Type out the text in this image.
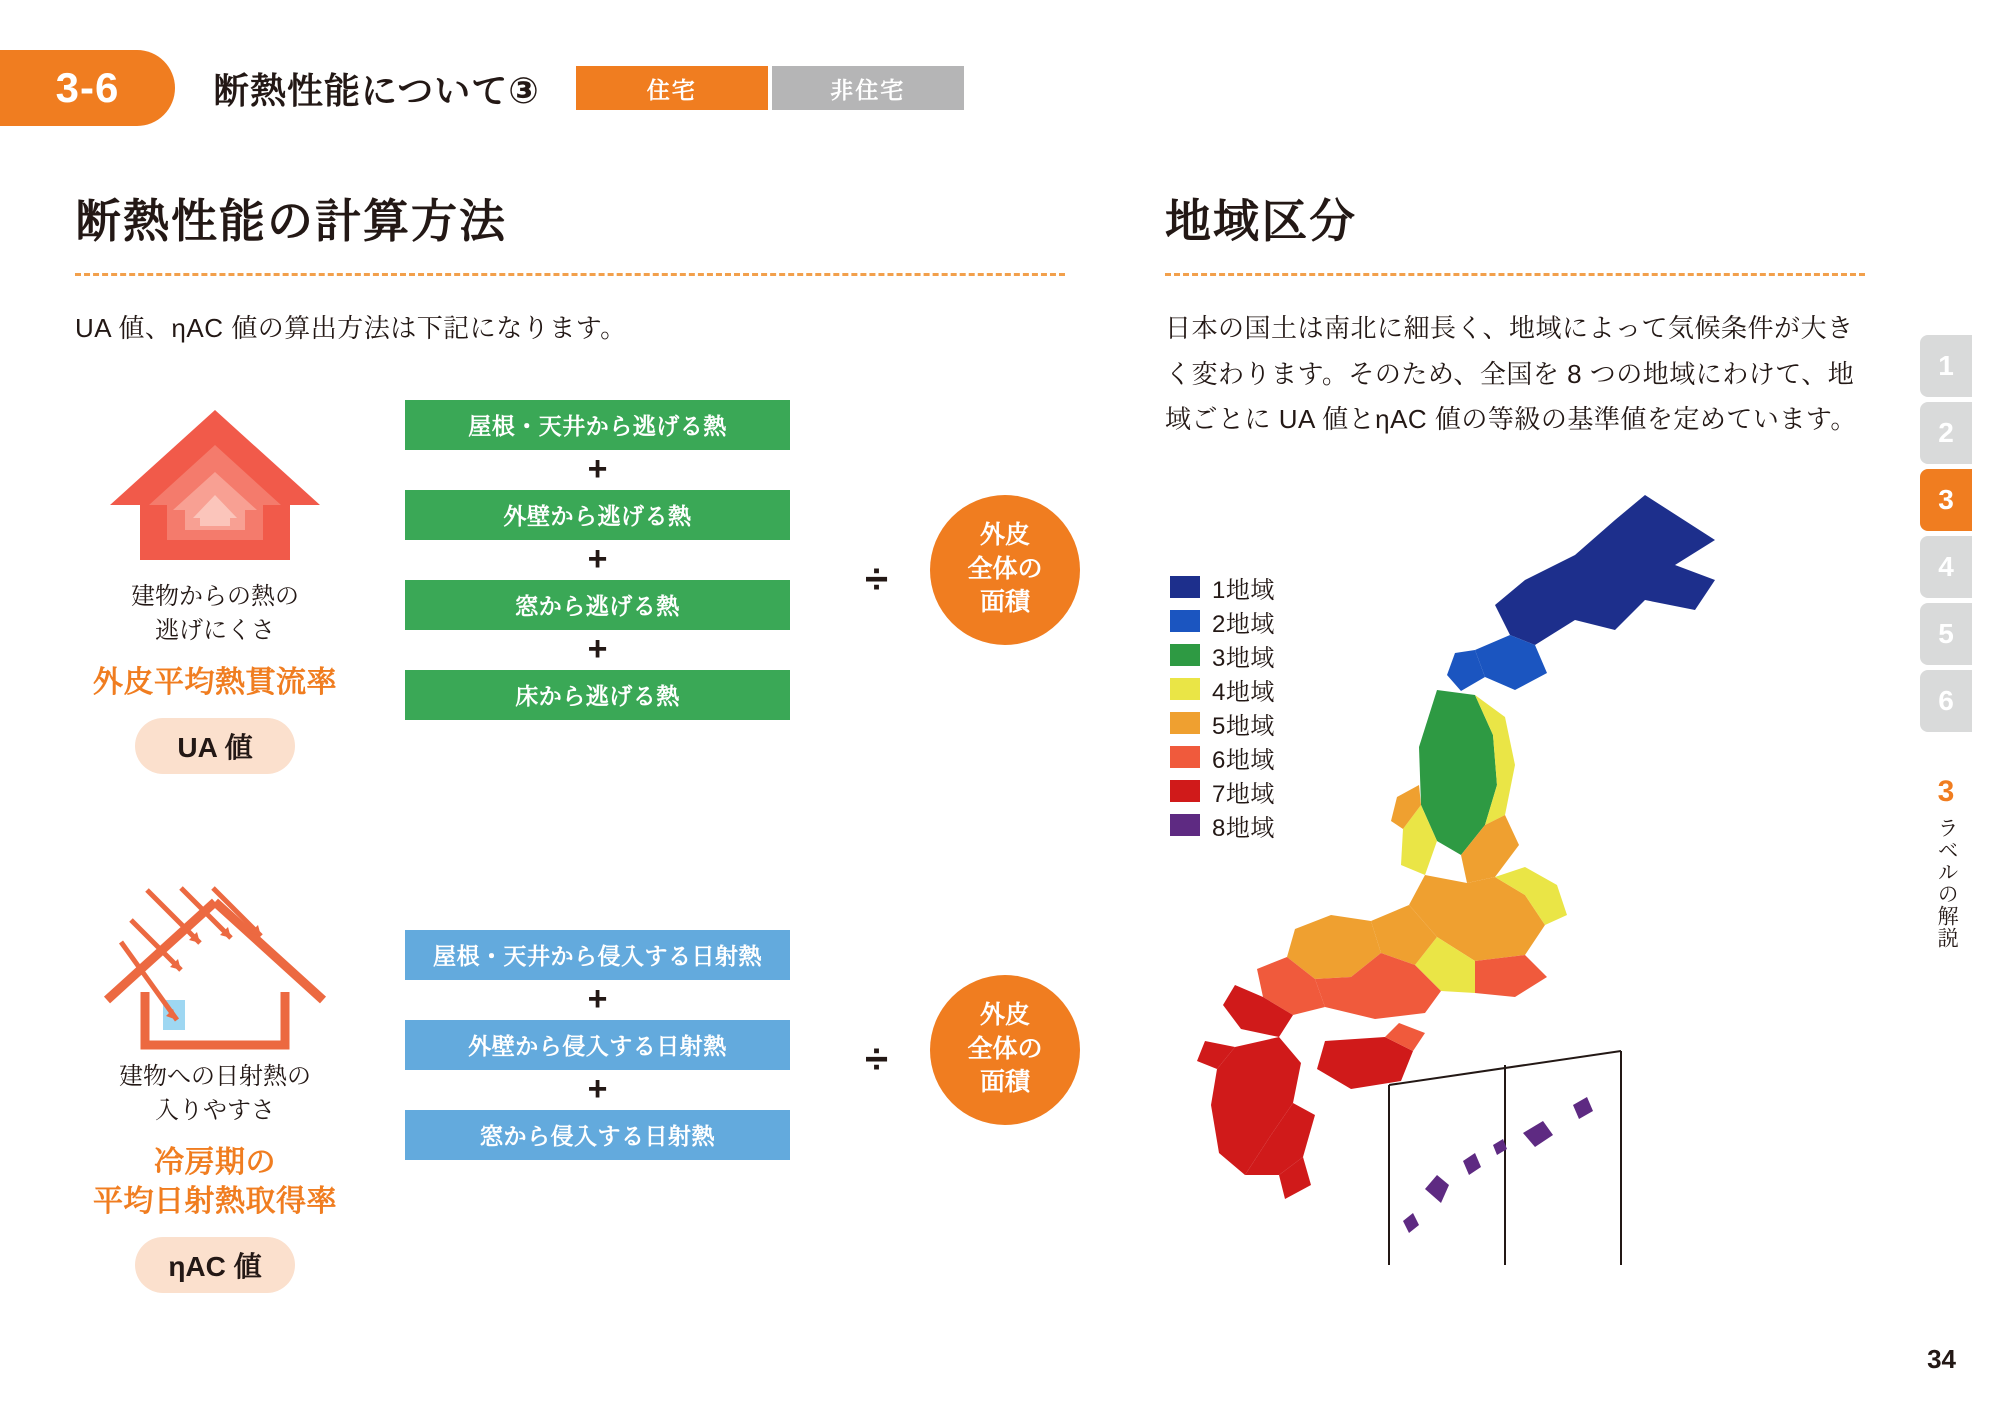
3-6	断熱性能について③	住宅	非住宅
断熱性能の計算方法

UA 値、ηAC 値の算出方法は下記になります。

建物からの熱の
逃げにくさ
外皮平均熱貫流率
UA 値
屋根・天井から逃げる熱
+
外壁から逃げる熱
+
窓から逃げる熱
+
床から逃げる熱
÷
外皮
全体の
面積
建物への日射熱の
入りやすさ
冷房期の
平均日射熱取得率
ηAC 値
屋根・天井から侵入する日射熱
+
外壁から侵入する日射熱
+
窓から侵入する日射熱
÷
外皮
全体の
面積
地域区分

日本の国土は南北に細長く、地域によって気候条件が大きく変わります。そのため、全国を 8 つの地域にわけて、地域ごとに UA 値とηAC 値の等級の基準値を定めています。

1地域
2地域
3地域
4地域
5地域
6地域
7地域
8地域
1
2
3
4
5
6
3
ラベルの解説
34
